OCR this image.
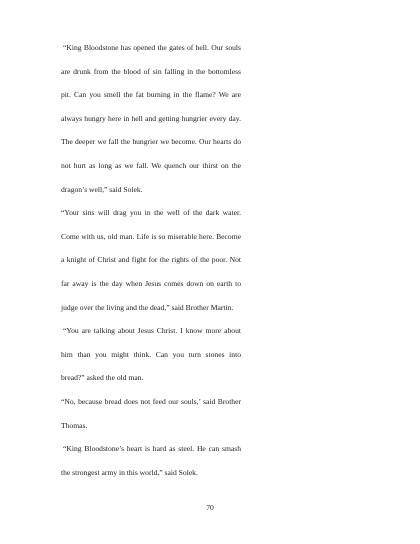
“King Bloodstone has opened the gates of hell. Our souls are drunk from the blood of sin falling in the bottomless pit. Can you smell the fat burning in the flame? We are always hungry here in hell and getting hungrier every day. The deeper we fall the hungrier we become. Our hearts do not hurt as long as we fall. We quench our thirst on the dragon’s well,” said Solek.

“Your sins will drag you in the well of the dark water. Come with us, old man. Life is so miserable here. Become a knight of Christ and fight for the rights of the poor. Not far away is the day when Jesus comes down on earth to judge over the living and the dead,” said Brother Martin.

“You are talking about Jesus Christ. I know more about him than you might think. Can you turn stones into bread?” asked the old man.

“No, because bread does not feed our souls,’ said Brother Thomas.

“King Bloodstone’s heart is hard as steel. He can smash the strongest army in this world,” said Solek.

70
